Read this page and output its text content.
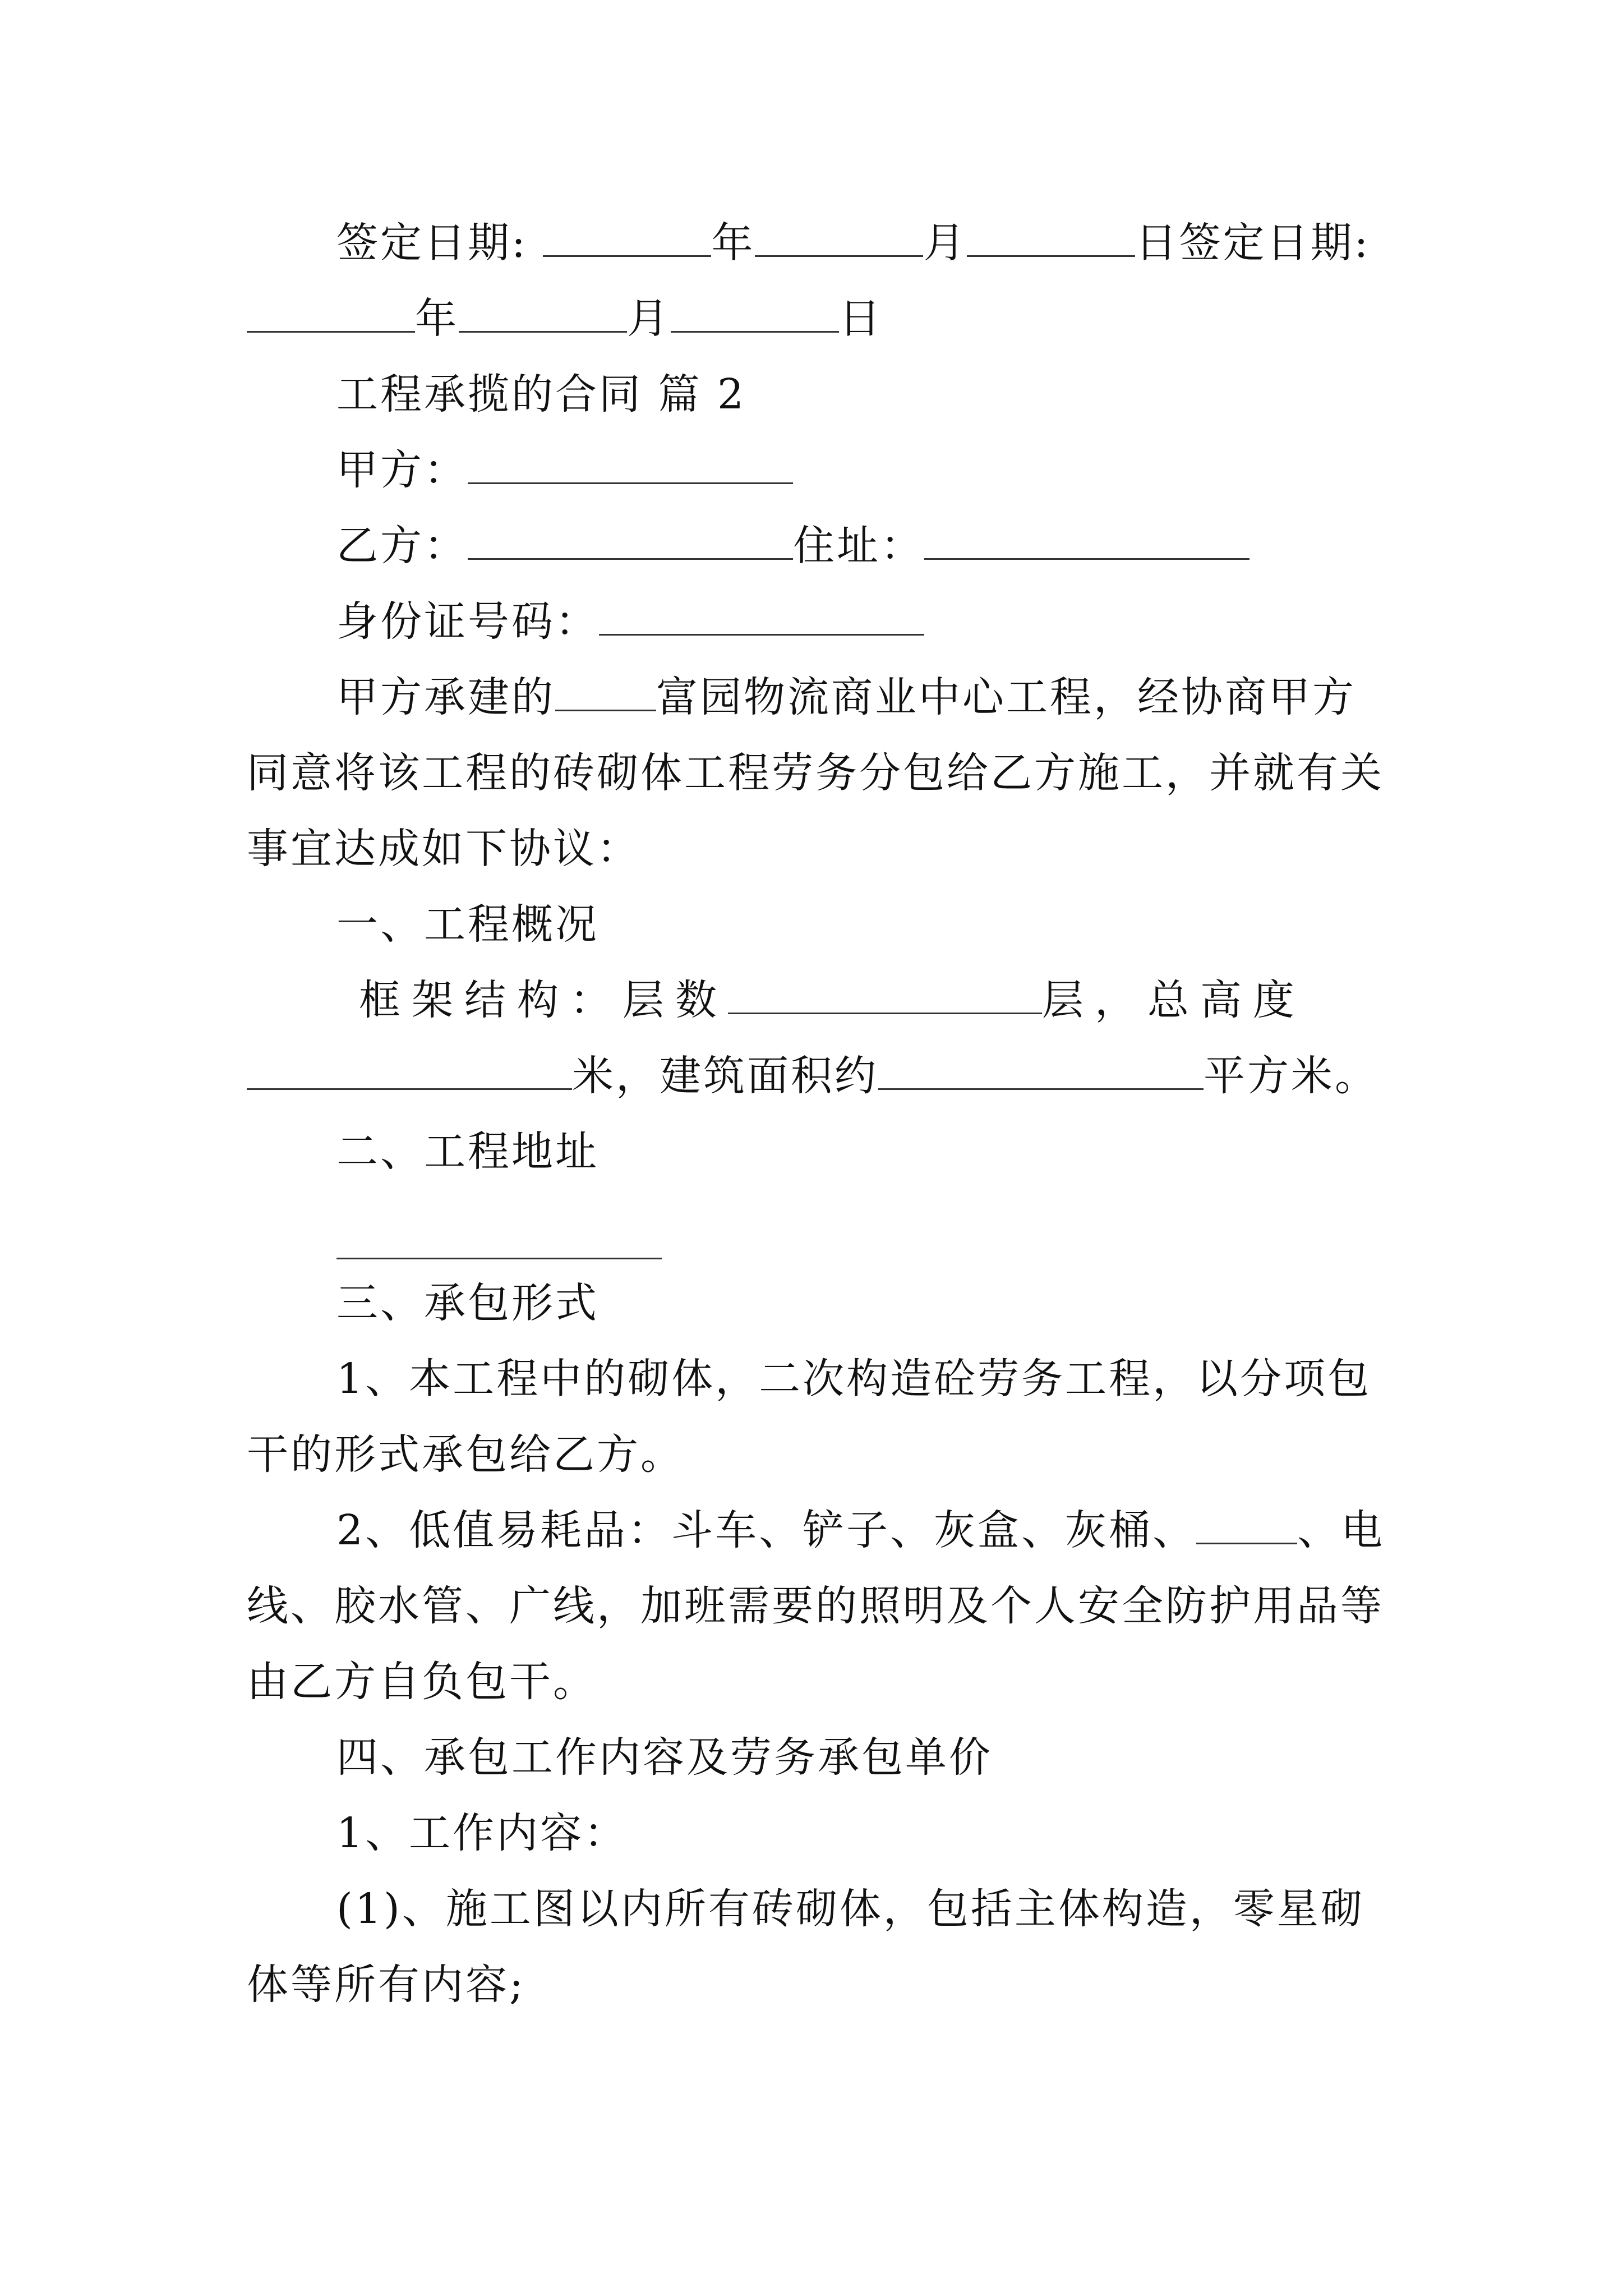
签定日期:	年	月	日签定日期:
年	月	日
工程承揽的合同 篇 2
甲方：
乙方：	住址：
身份证号码：
甲方承建的 富园物流商业中心工程，经协商甲方
同意将该工程的砖砌体工程劳务分包给乙方施工，并就有关
事宜达成如下协议：
一、工程概况
框架结构：层数	层，总高度
米，建筑面积约	平方米。
二、工程地址
三、承包形式
1、本工程中的砌体，二次构造砼劳务工程，以分项包
干的形式承包给乙方。
2、低值易耗品：斗车、铲子、灰盒、灰桶、 、电
线、胶水管、广线，加班需要的照明及个人安全防护用品等
由乙方自负包干。
四、承包工作内容及劳务承包单价
1、工作内容：
(1)、施工图以内所有砖砌体，包括主体构造，零星砌
体等所有内容;
